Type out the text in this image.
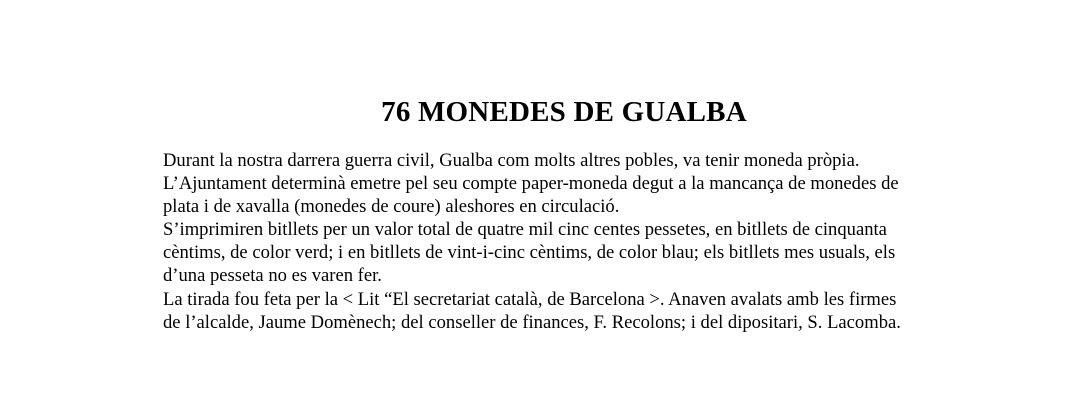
76 MONEDES DE GUALBA
Durant la nostra darrera guerra civil, Gualba com molts altres pobles, va tenir moneda pròpia.
L’Ajuntament determinà emetre pel seu compte paper-moneda degut a la mancança de monedes de
plata i de xavalla (monedes de coure) aleshores en circulació.
S’imprimiren bitllets per un valor total de quatre mil cinc centes pessetes, en bitllets de cinquanta
cèntims, de color verd; i en bitllets de vint-i-cinc cèntims, de color blau; els bitllets mes usuals, els
d’una pesseta no es varen fer.
La tirada fou feta per la < Lit “El secretariat català, de Barcelona >. Anaven avalats amb les firmes
de l’alcalde, Jaume Domènech; del conseller de finances, F. Recolons; i del dipositari, S. Lacomba.
